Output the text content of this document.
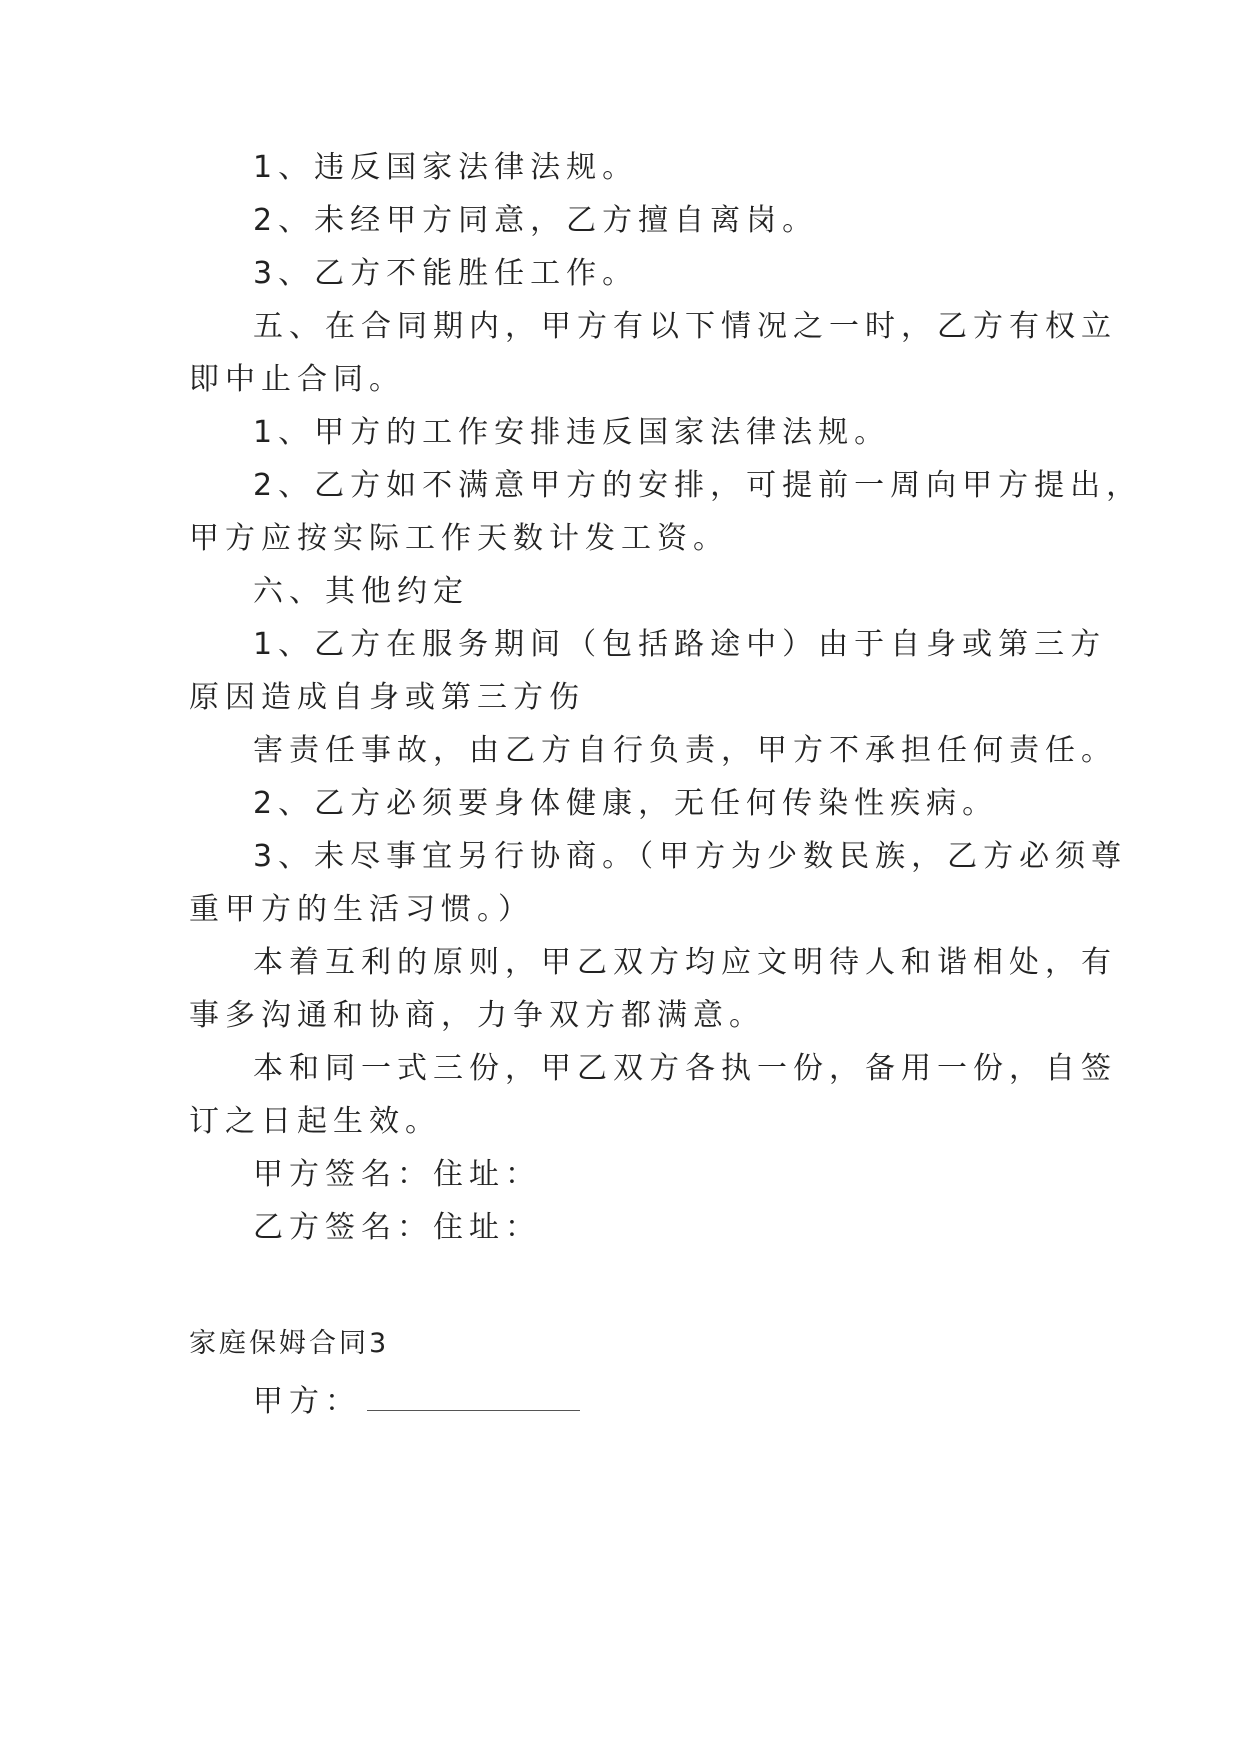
1、违反国家法律法规。
2、未经甲方同意，乙方擅自离岗。
3、乙方不能胜任工作。
五、在合同期内，甲方有以下情况之一时，乙方有权立
即中止合同。
1、甲方的工作安排违反国家法律法规。
2、乙方如不满意甲方的安排，可提前一周向甲方提出，
甲方应按实际工作天数计发工资。
六、其他约定
1、乙方在服务期间（包括路途中）由于自身或第三方
原因造成自身或第三方伤
害责任事故，由乙方自行负责，甲方不承担任何责任。
2、乙方必须要身体健康，无任何传染性疾病。
3、未尽事宜另行协商。（甲方为少数民族，乙方必须尊
重甲方的生活习惯。）
本着互利的原则，甲乙双方均应文明待人和谐相处，有
事多沟通和协商，力争双方都满意。
本和同一式三份，甲乙双方各执一份，备用一份，自签
订之日起生效。
甲方签名：住址：
乙方签名：住址：
家庭保姆合同3
甲方：
